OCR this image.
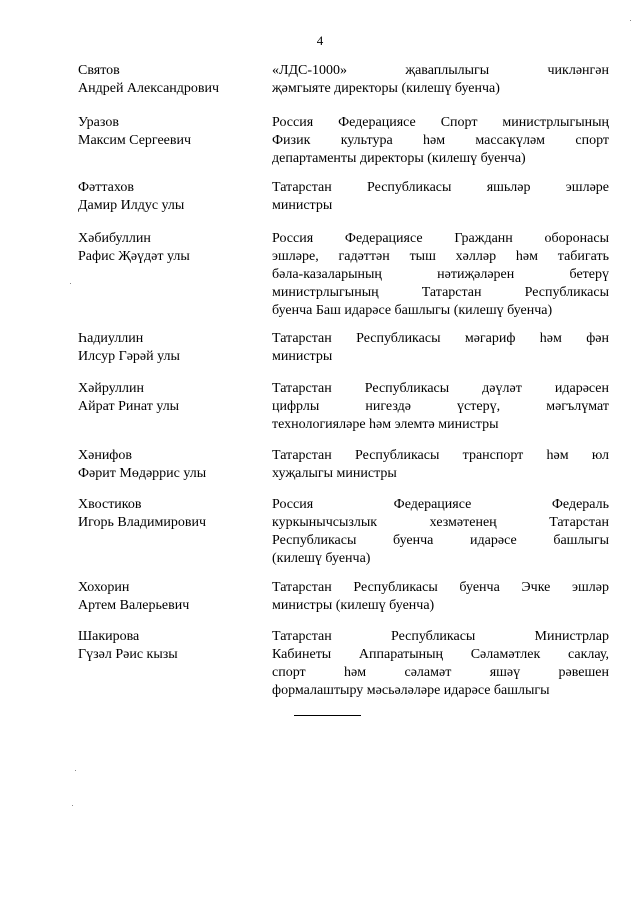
4
Святов
Андрей Александрович
«ЛДС-1000» җаваплылыгы чикләнгән
җәмгыяте директоры (килешү буенча)
Уразов
Максим Сергеевич
Россия Федерациясе Спорт министрлыгының
Физик культура һәм массакүләм спорт
департаменты директоры (килешү буенча)
Фәттахов
Дамир Илдус улы
Татарстан Республикасы яшьләр эшләре
министры
Хәбибуллин
Рафис Җәүдәт улы
Россия Федерациясе Гражданн оборонасы
эшләре, гадәттән тыш хәлләр һәм табигать
бәла-казаларының нәтиҗәләрен бетерү
министрлыгының Татарстан Республикасы
буенча Баш идарәсе башлыгы (килешү буенча)
Һадиуллин
Илсур Гәрәй улы
Татарстан Республикасы мәгариф һәм фән
министры
Хәйруллин
Айрат Ринат улы
Татарстан Республикасы дәүләт идарәсен
цифрлы нигездә үстерү, мәгълүмат
технологияләре һәм элемтә министры
Хәнифов
Фәрит Мөдәррис улы
Татарстан Республикасы транспорт һәм юл
хуҗалыгы министры
Хвостиков
Игорь Владимирович
Россия Федерациясе Федераль
куркынычсызлык хезмәтенең Татарстан
Республикасы буенча идарәсе башлыгы
(килешү буенча)
Хохорин
Артем Валерьевич
Татарстан Республикасы буенча Эчке эшләр
министры (килешү буенча)
Шакирова
Гүзәл Рәис кызы
Татарстан Республикасы Министрлар
Кабинеты Аппаратының Сәламәтлек саклау,
спорт һәм сәламәт яшәү рәвешен
формалаштыру мәсьәләләре идарәсе башлыгы
